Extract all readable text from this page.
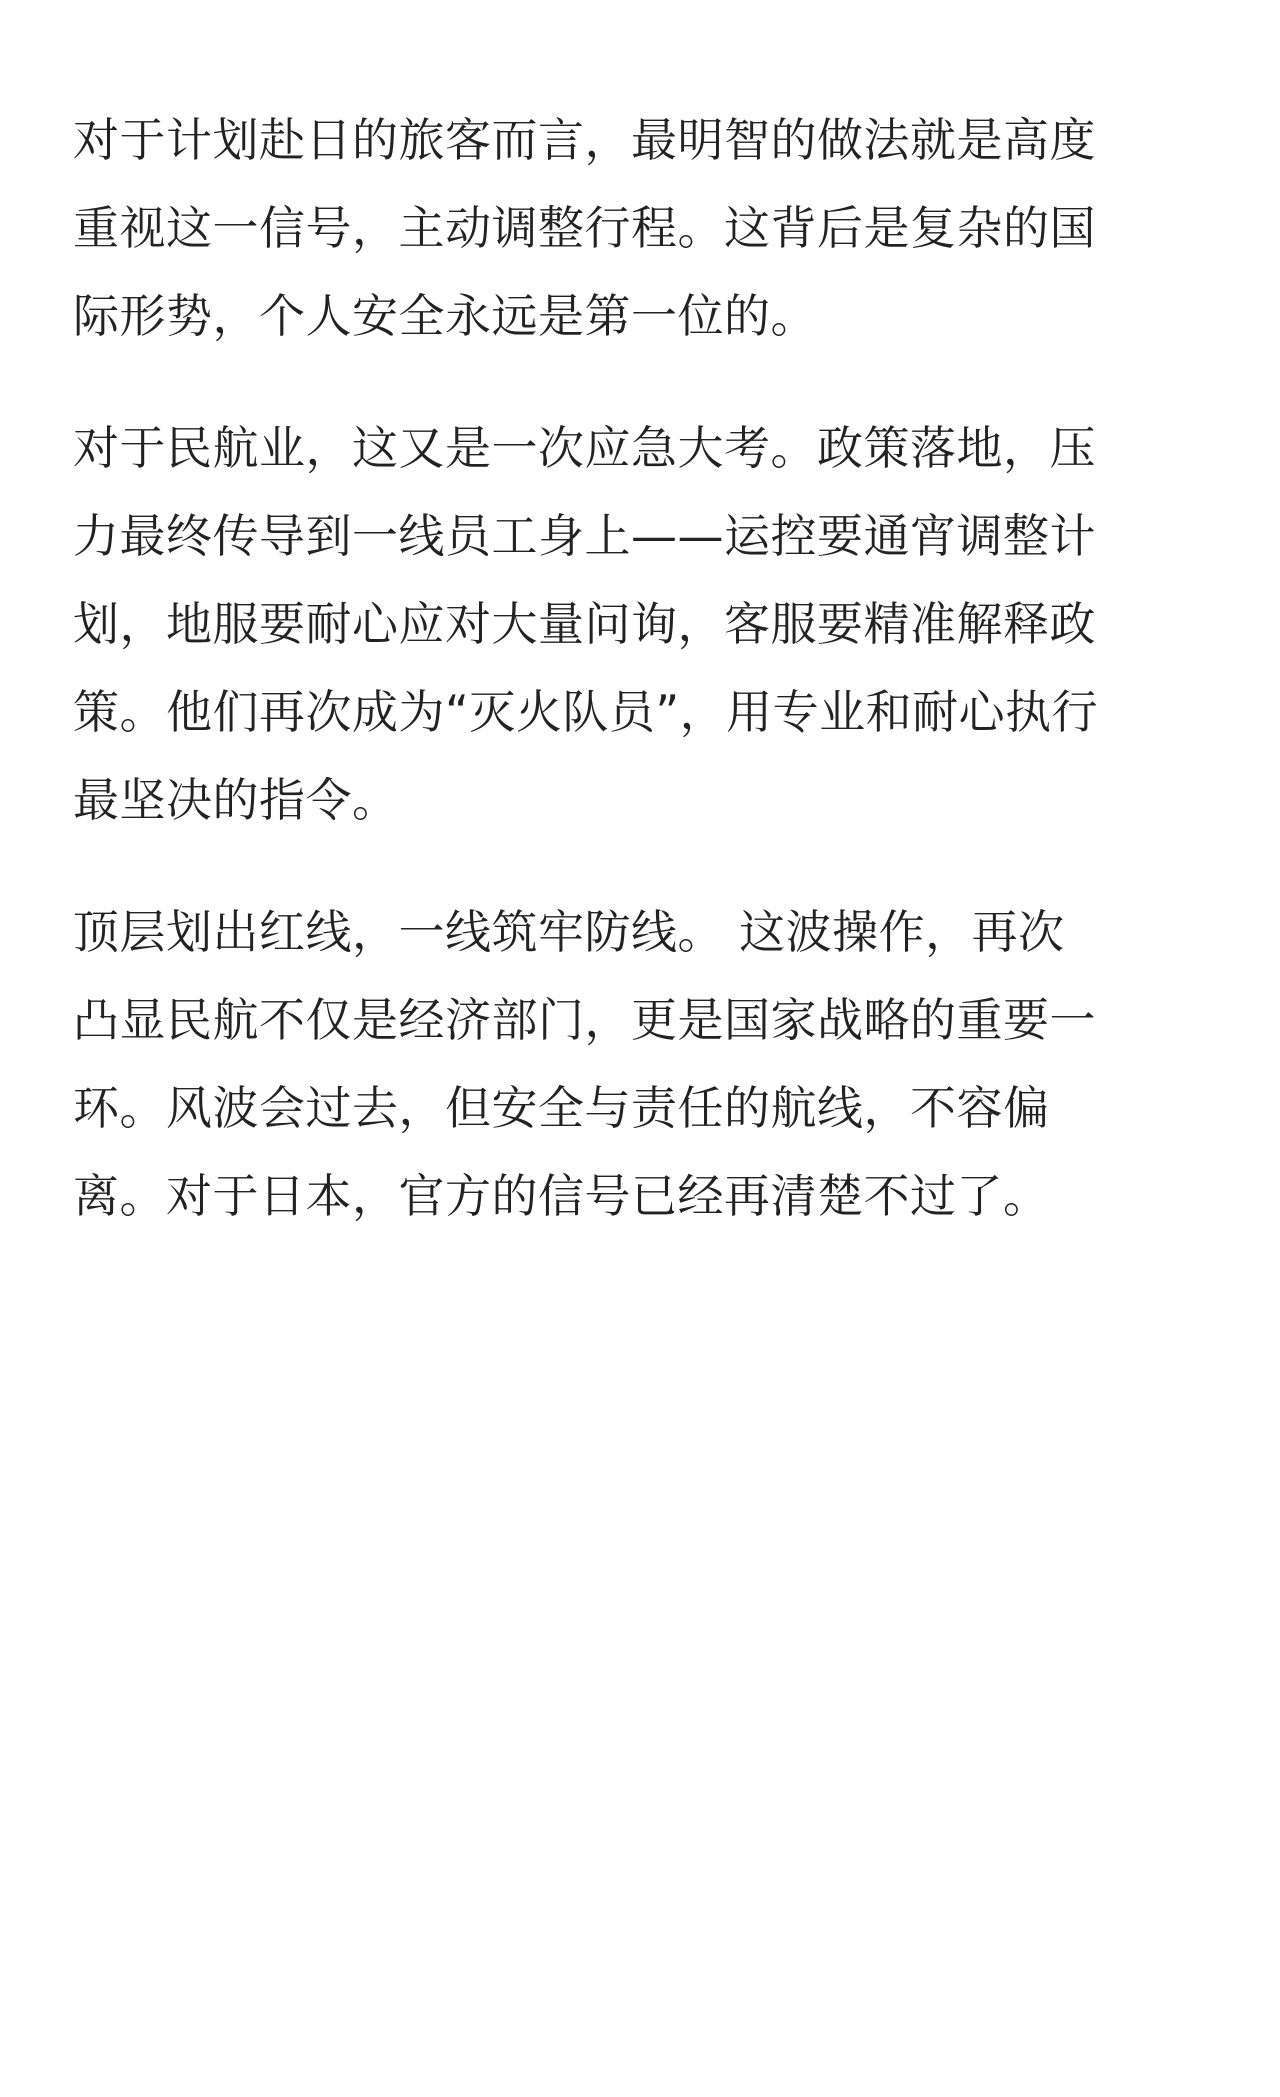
对于计划赴日的旅客而言，最明智的做法就是高度
重视这一信号，主动调整行程。这背后是复杂的国
际形势，个人安全永远是第一位的。
对于民航业，这又是一次应急大考。政策落地，压
力最终传导到一线员工身上——运控要通宵调整计
划，地服要耐心应对大量问询，客服要精准解释政
策。他们再次成为“灭火队员”，用专业和耐心执行
最坚决的指令。
顶层划出红线，一线筑牢防线。 这波操作，再次
凸显民航不仅是经济部门，更是国家战略的重要一
环。风波会过去，但安全与责任的航线，不容偏
离。对于日本，官方的信号已经再清楚不过了。
